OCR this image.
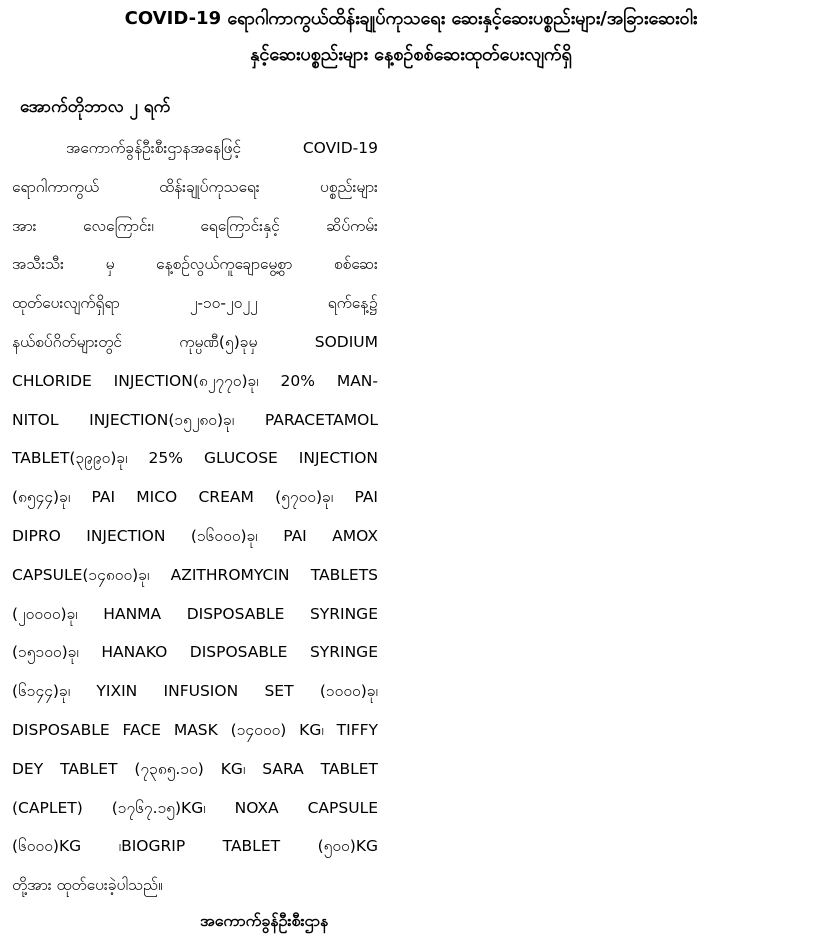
COVID-19 ရောဂါကာကွယ်ထိန်းချုပ်ကုသရေး ဆေးနှင့်ဆေးပစ္စည်းများ/အခြားဆေးဝါး
နှင့်ဆေးပစ္စည်းများ နေ့စဉ်စစ်ဆေးထုတ်ပေးလျက်ရှိ
အောက်တိုဘာလ ၂ ရက်
အကောက်ခွန်ဦးစီးဌာနအနေဖြင့် COVID-19
ရောဂါကာကွယ် ထိန်းချုပ်ကုသရေး ပစ္စည်းများ
အား လေကြောင်း၊ ရေကြောင်းနှင့် ဆိပ်ကမ်း
အသီးသီး မှ နေ့စဉ်လွယ်ကူချောမွေ့စွာ စစ်ဆေး
ထုတ်ပေးလျက်ရှိရာ ၂-၁၀-၂၀၂၂ ရက်နေ့၌
နယ်စပ်ဂိတ်များတွင် ကုမ္ပဏီ(၅)ခုမှ SODIUM
CHLORIDE INJECTION(၈၂၇၇၀)ခု၊ 20% MAN-
NITOL INJECTION(၁၅၂၈၀)ခု၊ PARACETAMOL
TABLET(၃၉၉၀)ခု၊ 25% GLUCOSE INJECTION
(၈၅၄၄)ခု၊ PAI MICO CREAM (၅၇၀၀)ခု၊ PAI
DIPRO INJECTION (၁၆၀၀၀)ခု၊ PAI AMOX
CAPSULE(၁၄၈၀၀)ခု၊ AZITHROMYCIN TABLETS
(၂၀၀၀၀)ခု၊ HANMA DISPOSABLE SYRINGE
(၁၅၁၀၀)ခု၊ HANAKO DISPOSABLE SYRINGE
(၆၁၄၄)ခု၊ YIXIN INFUSION SET (၁၀၀၀)ခု၊
DISPOSABLE FACE MASK (၁၄၀၀၀) KG၊ TIFFY
DEY TABLET (၇၃၈၅.၁၀) KG၊ SARA TABLET
(CAPLET) (၁၇၆၇.၁၅)KG၊ NOXA CAPSULE
(၆၀၀၀)KG ၊BIOGRIP TABLET (၅၀၀)KG
တို့အား ထုတ်ပေးခဲ့ပါသည်။
အကောက်ခွန်ဦးစီးဌာန
